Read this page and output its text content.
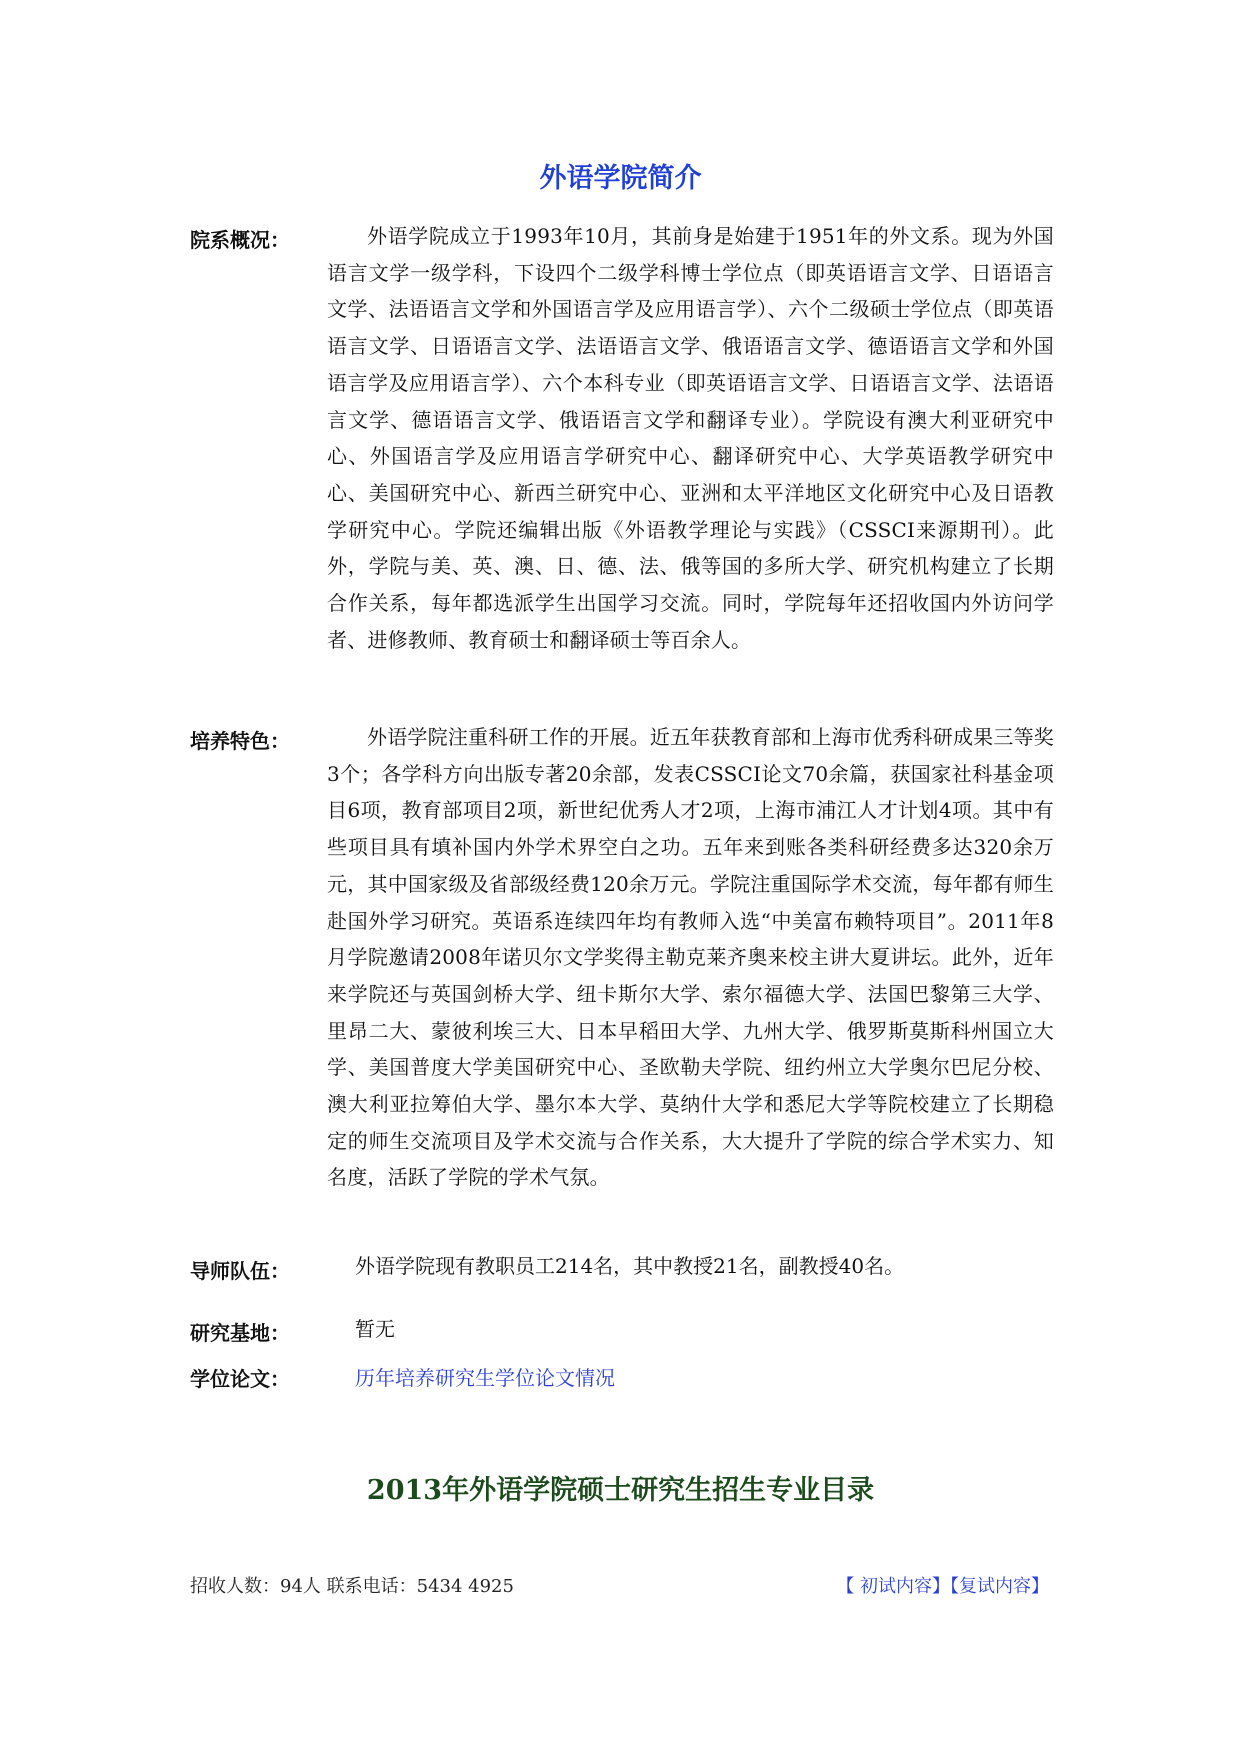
外语学院简介
院系概况：	外语学院成立于1993年10月，其前身是始建于1951年的外文系。现为外国语言文学一级学科，下设四个二级学科博士学位点（即英语语言文学、日语语言文学、法语语言文学和外国语言学及应用语言学）、六个二级硕士学位点（即英语语言文学、日语语言文学、法语语言文学、俄语语言文学、德语语言文学和外国语言学及应用语言学）、六个本科专业（即英语语言文学、日语语言文学、法语语言文学、德语语言文学、俄语语言文学和翻译专业）。学院设有澳大利亚研究中心、外国语言学及应用语言学研究中心、翻译研究中心、大学英语教学研究中心、美国研究中心、新西兰研究中心、亚洲和太平洋地区文化研究中心及日语教学研究中心。学院还编辑出版《外语教学理论与实践》（CSSCI来源期刊）。此外，学院与美、英、澳、日、德、法、俄等国的多所大学、研究机构建立了长期合作关系，每年都选派学生出国学习交流。同时，学院每年还招收国内外访问学者、进修教师、教育硕士和翻译硕士等百余人。
培养特色：	外语学院注重科研工作的开展。近五年获教育部和上海市优秀科研成果三等奖3个；各学科方向出版专著20余部，发表CSSCI论文70余篇，获国家社科基金项目6项，教育部项目2项，新世纪优秀人才2项，上海市浦江人才计划4项。其中有些项目具有填补国内外学术界空白之功。五年来到账各类科研经费多达320余万元，其中国家级及省部级经费120余万元。学院注重国际学术交流，每年都有师生赴国外学习研究。英语系连续四年均有教师入选“中美富布赖特项目”。2011年8月学院邀请2008年诺贝尔文学奖得主勒克莱齐奥来校主讲大夏讲坛。此外，近年来学院还与英国剑桥大学、纽卡斯尔大学、索尔福德大学、法国巴黎第三大学、里昂二大、蒙彼利埃三大、日本早稻田大学、九州大学、俄罗斯莫斯科州国立大学、美国普度大学美国研究中心、圣欧勒夫学院、纽约州立大学奥尔巴尼分校、澳大利亚拉筹伯大学、墨尔本大学、莫纳什大学和悉尼大学等院校建立了长期稳定的师生交流项目及学术交流与合作关系，大大提升了学院的综合学术实力、知名度，活跃了学院的学术气氛。
导师队伍：	外语学院现有教职员工214名，其中教授21名，副教授40名。
研究基地：	暂无
学位论文：	历年培养研究生学位论文情况
2013年外语学院硕士研究生招生专业目录
招收人数：94人 联系电话：5434 4925	【 初试内容】【复试内容】
